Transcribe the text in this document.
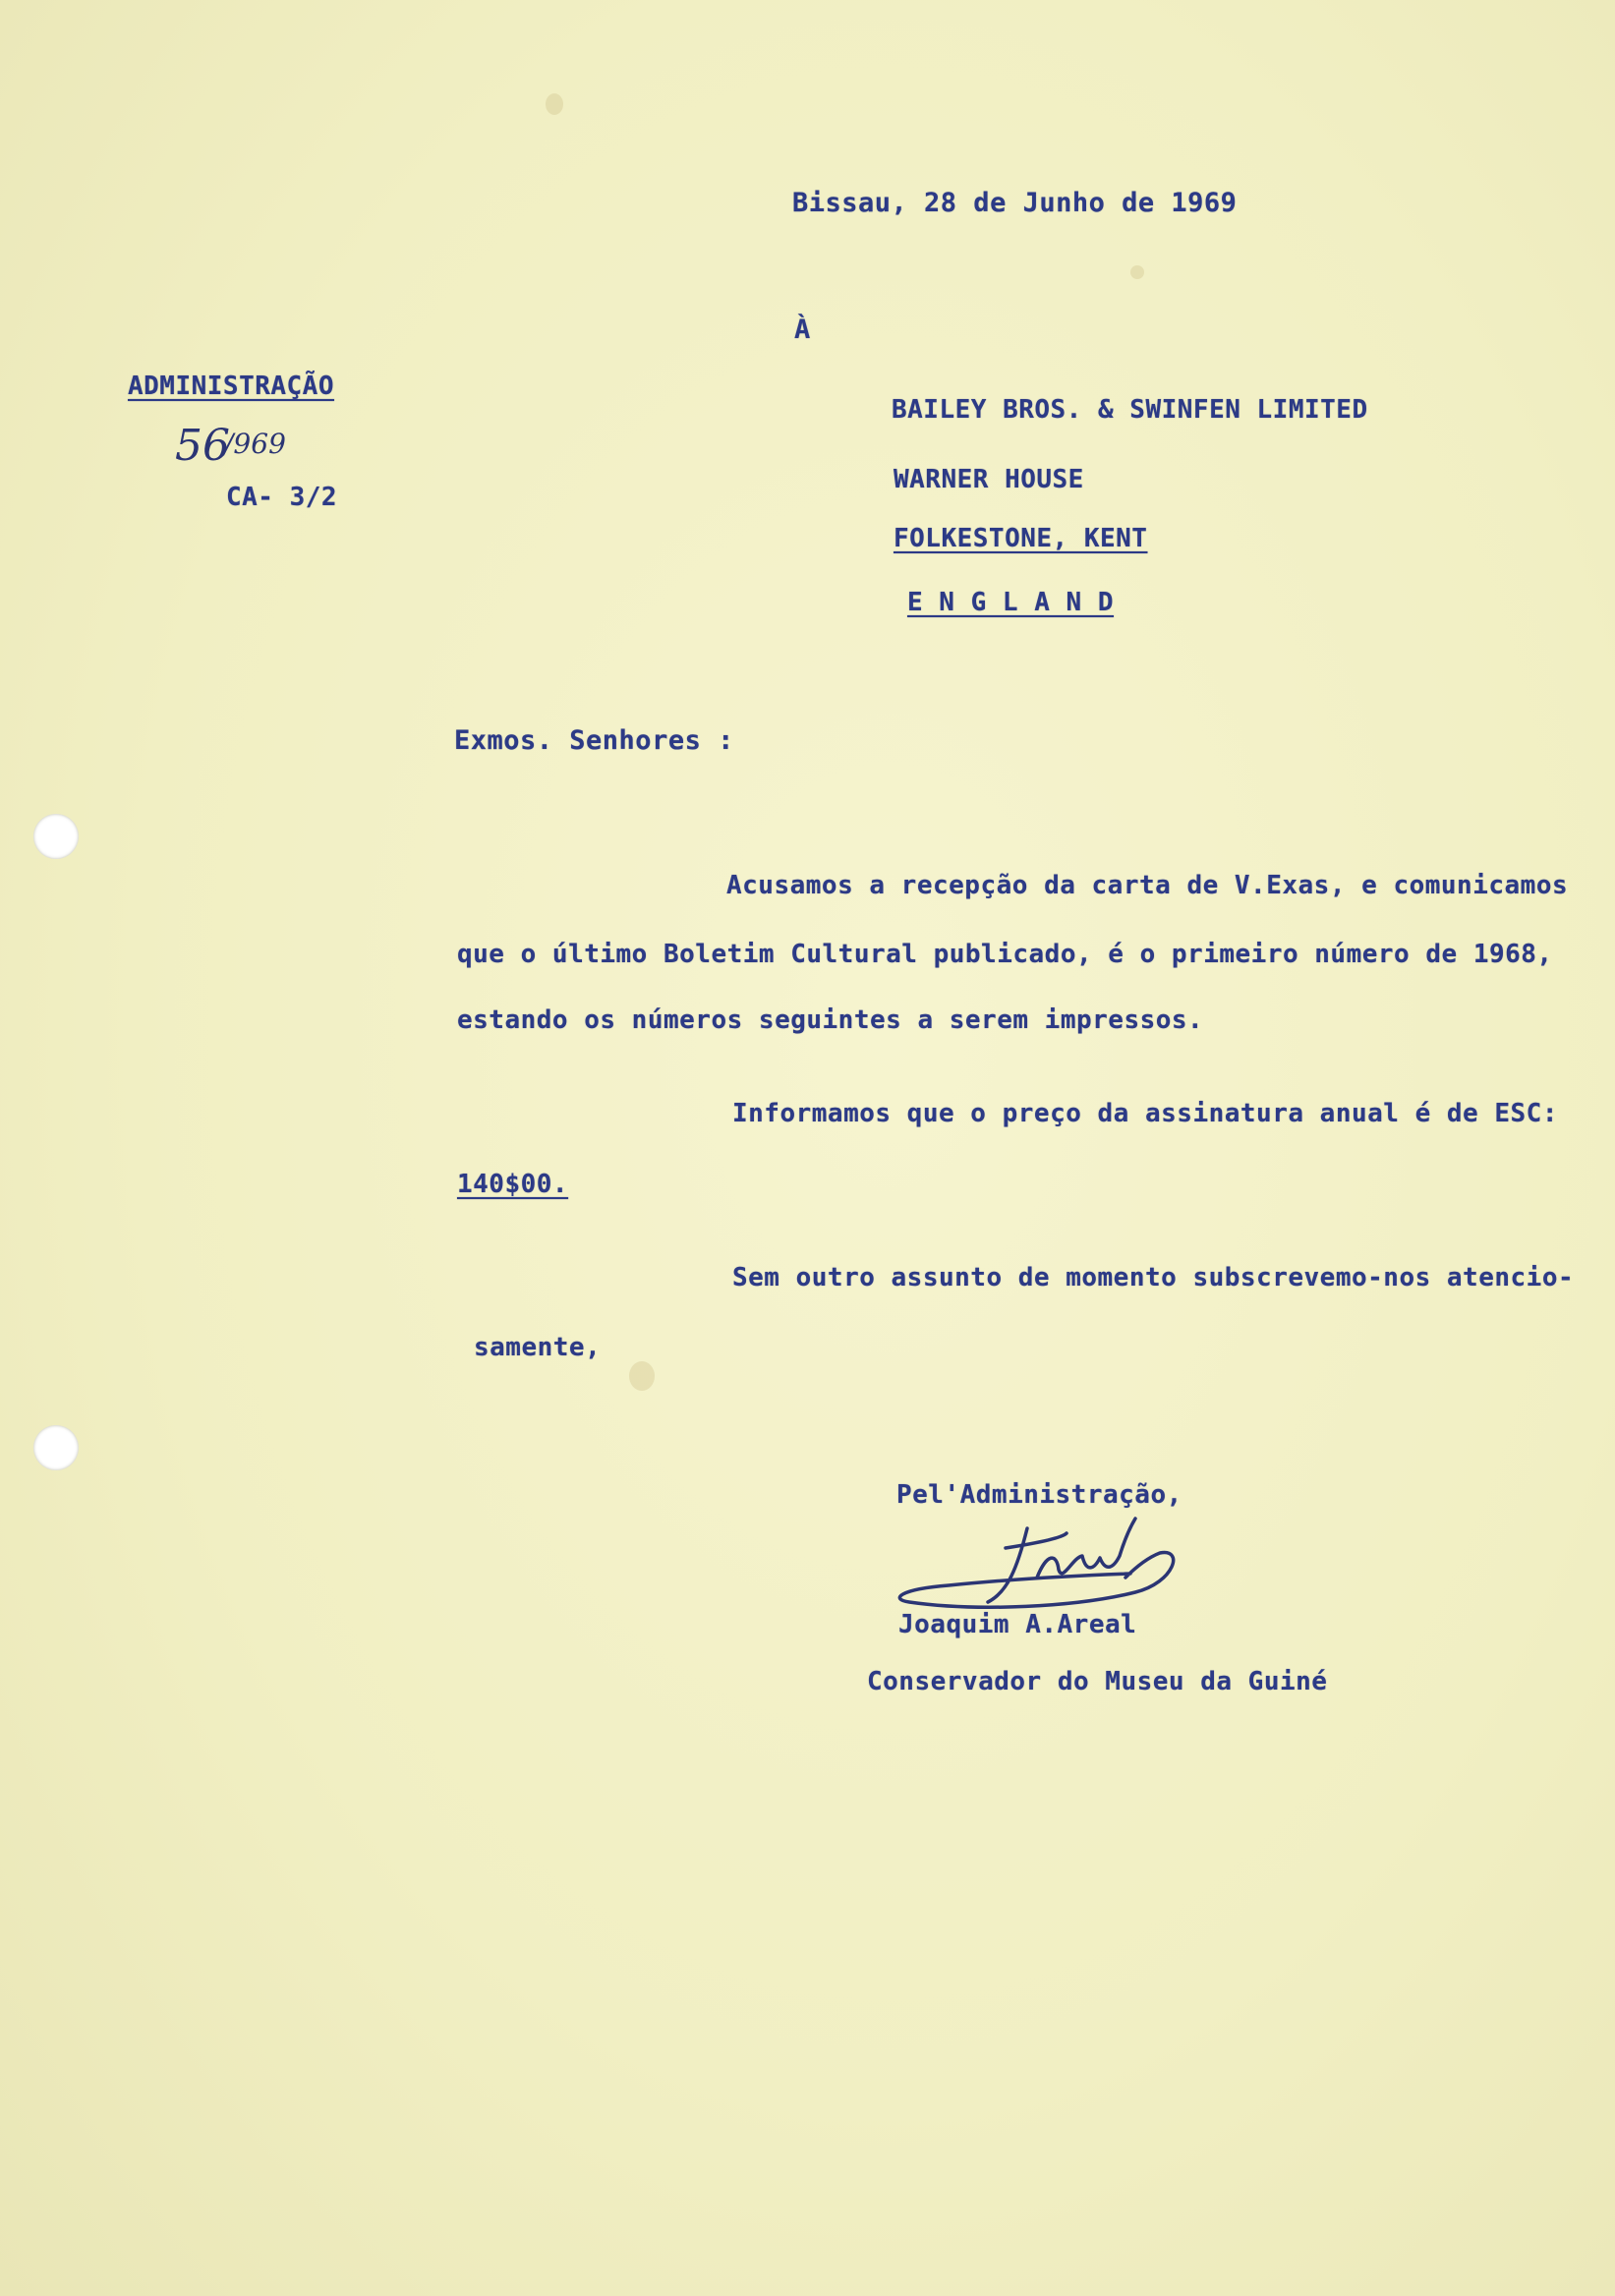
Bissau, 28 de Junho de 1969
À
ADMINISTRAÇÃO
56
/969
CA- 3/2
BAILEY BROS. & SWINFEN LIMITED
WARNER HOUSE
FOLKESTONE, KENT
E N G L A N D
Exmos. Senhores :
Acusamos a recepção da carta de V.Exas, e comunicamos
que o último Boletim Cultural publicado, é o primeiro número de 1968,
estando os números seguintes a serem impressos.
Informamos que o preço da assinatura anual é de ESC:
140$00.
Sem outro assunto de momento subscrevemo-nos atencio-
samente,
Pel'Administração,
Joaquim A.Areal
Conservador do Museu da Guiné
